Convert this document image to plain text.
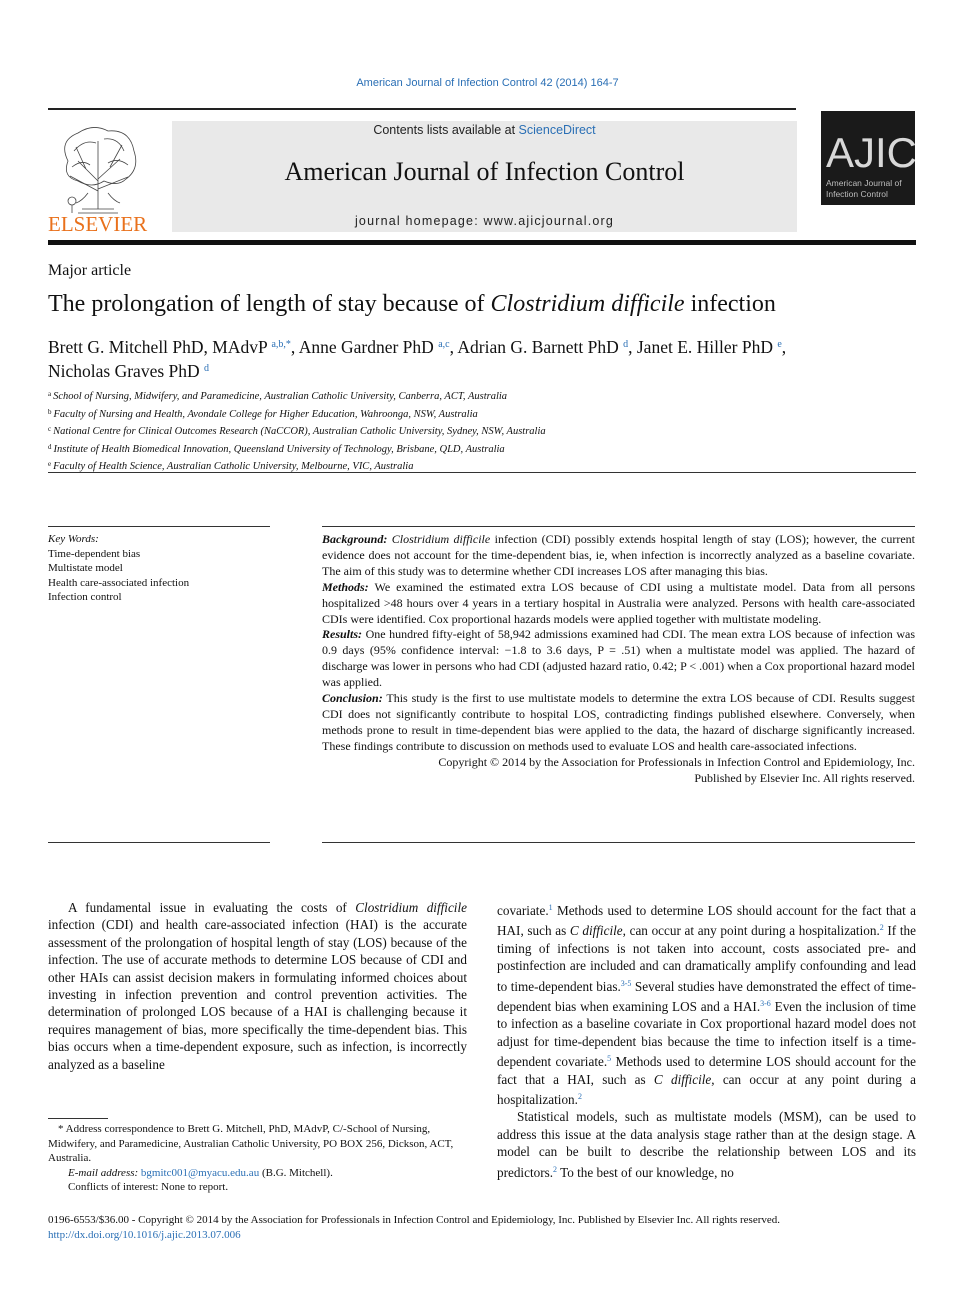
American Journal of Infection Control 42 (2014) 164-7
ELSEVIER
Contents lists available at ScienceDirect
American Journal of Infection Control
journal homepage: www.ajicjournal.org
AJIC
American Journal of
Infection Control
Major article
The prolongation of length of stay because of Clostridium difficile infection
Brett G. Mitchell PhD, MAdvP $^{a,b,*}$, Anne Gardner PhD $^{a,c}$, Adrian G. Barnett PhD $^d$, Janet E. Hiller PhD $^e$,
Nicholas Graves PhD $^d$
$^a$ School of Nursing, Midwifery, and Paramedicine, Australian Catholic University, Canberra, ACT, Australia
$^b$ Faculty of Nursing and Health, Avondale College for Higher Education, Wahroonga, NSW, Australia
$^c$ National Centre for Clinical Outcomes Research (NaCCOR), Australian Catholic University, Sydney, NSW, Australia
$^d$ Institute of Health Biomedical Innovation, Queensland University of Technology, Brisbane, QLD, Australia
$^e$ Faculty of Health Science, Australian Catholic University, Melbourne, VIC, Australia
Key Words:
Time-dependent bias
Multistate model
Health care-associated infection
Infection control
Background: Clostridium difficile infection (CDI) possibly extends hospital length of stay (LOS); however, the current evidence does not account for the time-dependent bias, ie, when infection is incorrectly analyzed as a baseline covariate. The aim of this study was to determine whether CDI increases LOS after managing this bias.
Methods: We examined the estimated extra LOS because of CDI using a multistate model. Data from all persons hospitalized >48 hours over 4 years in a tertiary hospital in Australia were analyzed. Persons with health care-associated CDIs were identified. Cox proportional hazards models were applied together with multistate modeling.
Results: One hundred fifty-eight of 58,942 admissions examined had CDI. The mean extra LOS because of infection was 0.9 days (95% confidence interval: −1.8 to 3.6 days, P = .51) when a multistate model was applied. The hazard of discharge was lower in persons who had CDI (adjusted hazard ratio, 0.42; P < .001) when a Cox proportional hazard model was applied.
Conclusion: This study is the first to use multistate models to determine the extra LOS because of CDI. Results suggest CDI does not significantly contribute to hospital LOS, contradicting findings published elsewhere. Conversely, when methods prone to result in time-dependent bias were applied to the data, the hazard of discharge significantly increased. These findings contribute to discussion on methods used to evaluate LOS and health care-associated infections.
Copyright © 2014 by the Association for Professionals in Infection Control and Epidemiology, Inc.
Published by Elsevier Inc. All rights reserved.

A fundamental issue in evaluating the costs of Clostridium difficile infection (CDI) and health care-associated infection (HAI) is the accurate assessment of the prolongation of hospital length of stay (LOS) because of the infection. The use of accurate methods to determine LOS because of CDI and other HAIs can assist decision makers in formulating informed choices about investing in infection prevention and control prevention activities. The determination of prolonged LOS because of a HAI is challenging because it requires management of bias, more specifically the time-dependent bias. This bias occurs when a time-dependent exposure, such as infection, is incorrectly analyzed as a baseline

covariate.$^1$ Methods used to determine LOS should account for the fact that a HAI, such as C difficile, can occur at any point during a hospitalization.$^2$ If the timing of infections is not taken into account, costs associated pre- and postinfection are included and can dramatically amplify confounding and lead to time-dependent bias.$^{3-5}$ Several studies have demonstrated the effect of time-dependent bias when examining LOS and a HAI.$^{3-6}$ Even the inclusion of time to infection as a baseline covariate in Cox proportional hazard model does not adjust for time-dependent bias because the time to infection itself is a time-dependent covariate.$^5$ Methods used to determine LOS should account for the fact that a HAI, such as C difficile, can occur at any point during a hospitalization.$^2$

Statistical models, such as multistate models (MSM), can be used to address this issue at the data analysis stage rather than at the design stage. A model can be built to describe the relationship between LOS and its predictors.$^2$ To the best of our knowledge, no

* Address correspondence to Brett G. Mitchell, PhD, MAdvP, C/-School of Nursing, Midwifery, and Paramedicine, Australian Catholic University, PO BOX 256, Dickson, ACT, Australia.
E-mail address: bgmitc001@myacu.edu.au (B.G. Mitchell).
Conflicts of interest: None to report.
0196-6553/$36.00 - Copyright © 2014 by the Association for Professionals in Infection Control and Epidemiology, Inc. Published by Elsevier Inc. All rights reserved.
http://dx.doi.org/10.1016/j.ajic.2013.07.006
